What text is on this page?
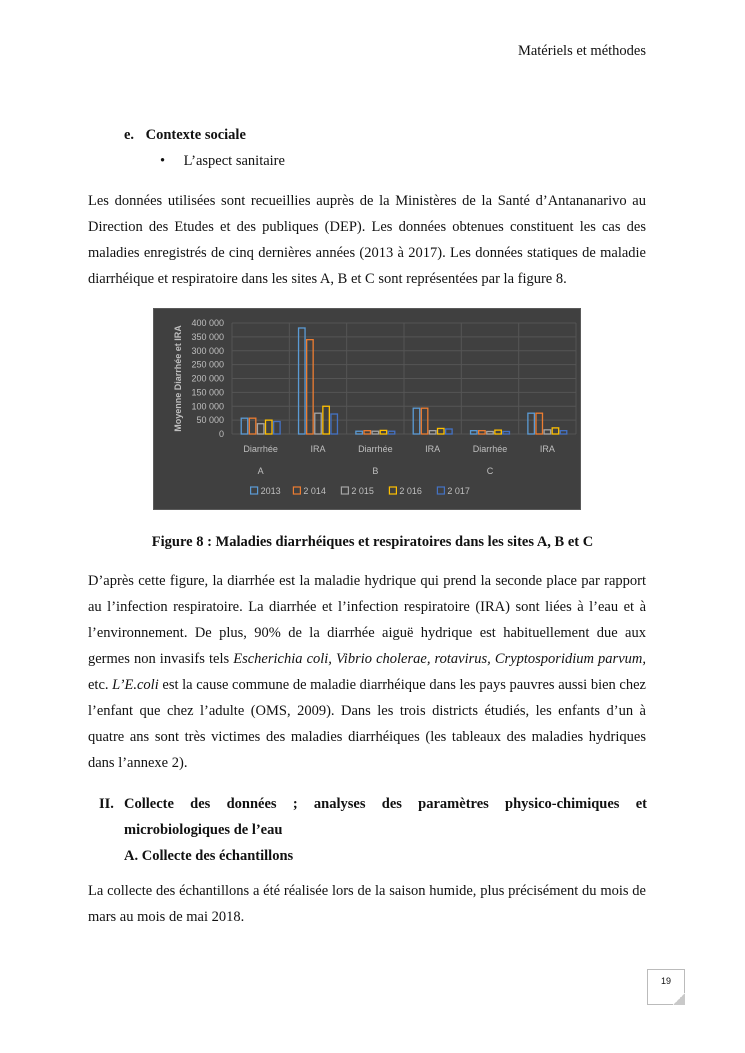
Matériels et méthodes
e. Contexte sociale
• L’aspect sanitaire
Les données utilisées sont recueillies auprès de la Ministères de la Santé d’Antananarivo au Direction des Etudes et des publiques (DEP). Les données obtenues constituent les cas des maladies enregistrés de cinq dernières années (2013 à 2017). Les données statiques de maladie diarrhéique et respiratoire dans les sites A, B et C sont représentées par la figure 8.
0
50 000
100 000
150 000
200 000
250 000
300 000
350 000
400 000
Moyenne Diarrhée et IRA
Diarrhée	IRA	Diarrhée	IRA	Diarrhée	IRA
A	B	C
2013	2 014	2 015	2 016	2 017
Figure 8 : Maladies diarrhéiques et respiratoires dans les sites A, B et C
D’après cette figure, la diarrhée est la maladie hydrique qui prend la seconde place par rapport au l’infection respiratoire. La diarrhée et l’infection respiratoire (IRA) sont liées à l’eau et à l’environnement. De plus, 90% de la diarrhée aiguë hydrique est habituellement due aux germes non invasifs tels Escherichia coli, Vibrio cholerae, rotavirus, Cryptosporidium parvum, etc. L’E.coli est la cause commune de maladie diarrhéique dans les pays pauvres aussi bien chez l’enfant que chez l’adulte (OMS, 2009). Dans les trois districts étudiés, les enfants d’un à quatre ans sont très victimes des maladies diarrhéiques (les tableaux des maladies hydriques dans l’annexe 2).
II. Collecte des données ; analyses des paramètres physico-chimiques et
microbiologiques de l’eau
A. Collecte des échantillons
La collecte des échantillons a été réalisée lors de la saison humide, plus précisément du mois de mars au mois de mai 2018.
19
